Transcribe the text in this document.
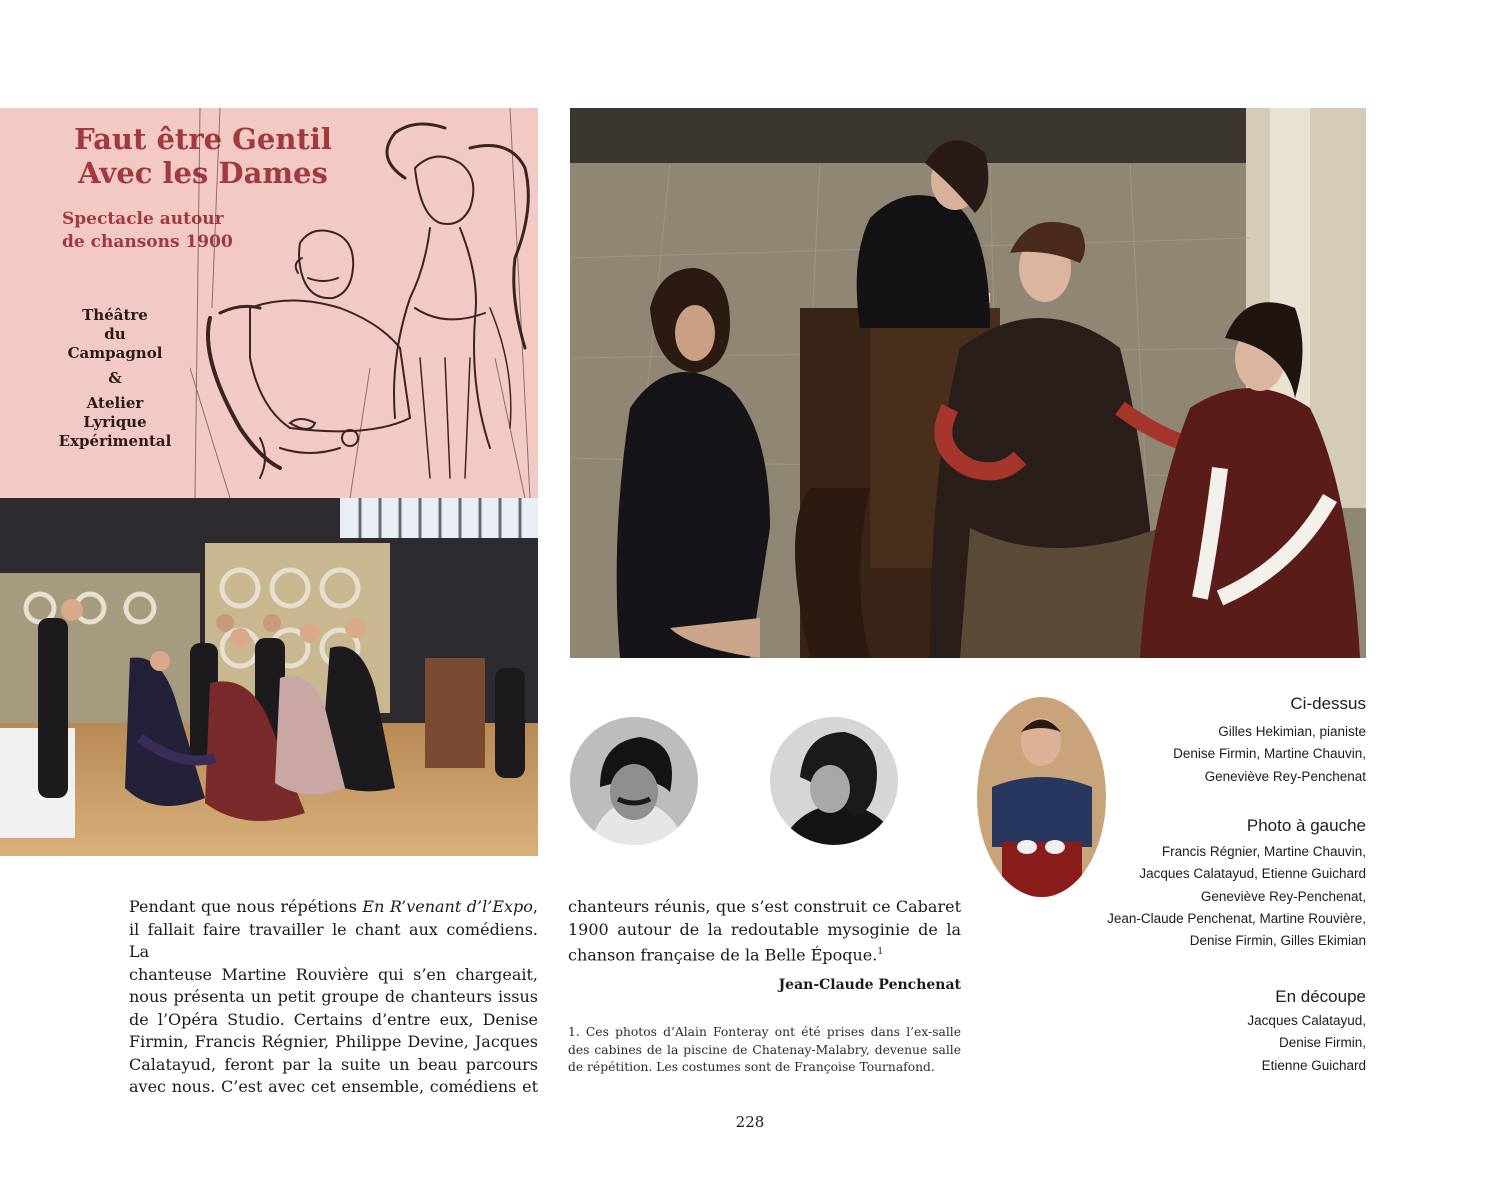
Faut être Gentil
Avec les Dames
Spectacle autour
de chansons 1900
Théâtre
du
Campagnol
&
Atelier
Lyrique
Expérimental
Pendant que nous répétions En R’venant d’l’Expo,
il fallait faire travailler le chant aux comédiens. La
chanteuse Martine Rouvière qui s’en chargeait,
nous présenta un petit groupe de chanteurs issus
de l’Opéra Studio. Certains d’entre eux, Denise
Firmin, Francis Régnier, Philippe Devine, Jacques
Calatayud, feront par la suite un beau parcours
avec nous. C’est avec cet ensemble, comédiens et
chanteurs réunis, que s’est construit ce Cabaret
1900 autour de la redoutable mysoginie de la
chanson française de la Belle Époque.$^1$
Jean-Claude Penchenat
1. Ces photos d’Alain Fonteray ont été prises dans l’ex-salle des cabines de la piscine de Chatenay-Malabry, devenue salle de répétition. Les costumes sont de Françoise Tournafond.
Ci-dessus
Gilles Hekimian, pianiste
Denise Firmin, Martine Chauvin,
Geneviève Rey-Penchenat
Photo à gauche
Francis Régnier, Martine Chauvin,
Jacques Calatayud, Etienne Guichard
Geneviève Rey-Penchenat,
Jean-Claude Penchenat, Martine Rouvière,
Denise Firmin, Gilles Ekimian
En découpe
Jacques Calatayud,
Denise Firmin,
Etienne Guichard
228
